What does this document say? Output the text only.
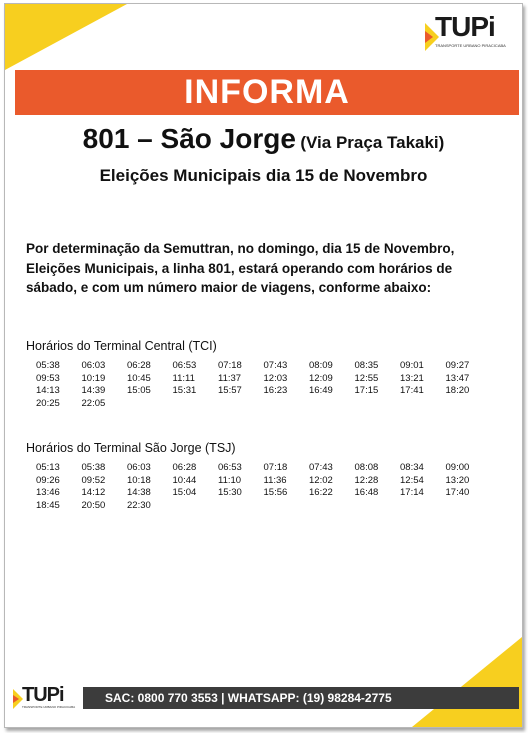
TUPi
TRANSPORTE URBANO PIRACICABA
INFORMA
801 – São Jorge (Via Praça Takaki)
Eleições Municipais dia 15 de Novembro

Por determinação da Semuttran, no domingo, dia 15 de Novembro,

Eleições Municipais, a linha 801, estará operando com horários de

sábado, e com um número maior de viagens, conforme abaixo:

Horários do Terminal Central (TCI)
05:38	06:03	06:28	06:53	07:18	07:43	08:09	08:35	09:01	09:27
09:53	10:19	10:45	11:11	11:37	12:03	12:09	12:55	13:21	13:47
14:13	14:39	15:05	15:31	15:57	16:23	16:49	17:15	17:41	18:20
20:25	22:05
Horários do Terminal São Jorge (TSJ)
05:13	05:38	06:03	06:28	06:53	07:18	07:43	08:08	08:34	09:00
09:26	09:52	10:18	10:44	11:10	11:36	12:02	12:28	12:54	13:20
13:46	14:12	14:38	15:04	15:30	15:56	16:22	16:48	17:14	17:40
18:45	20:50	22:30
SAC: 0800 770 3553 | WHATSAPP: (19) 98284-2775
TUPi
TRANSPORTE URBANO PIRACICABA
